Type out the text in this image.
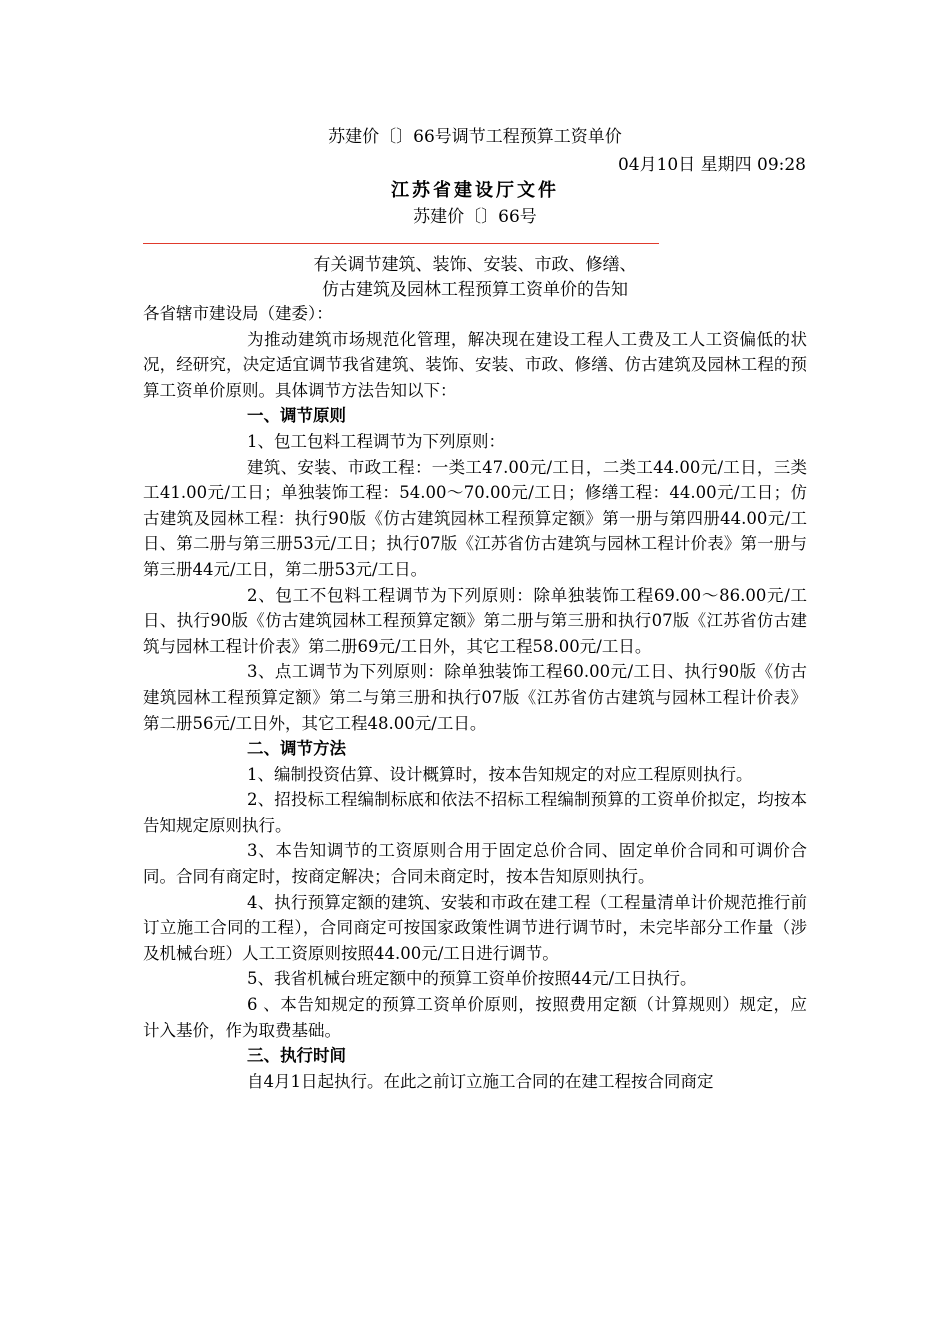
苏建价〔〕66号调节工程预算工资单价
04月10日 星期四 09:28
江苏省建设厅文件
苏建价〔〕66号
有关调节建筑、装饰、安装、市政、修缮、
仿古建筑及园林工程预算工资单价的告知

各省辖市建设局（建委）：

为推动建筑市场规范化管理，解决现在建设工程人工费及工人工资偏低的状况，经研究，决定适宜调节我省建筑、装饰、安装、市政、修缮、仿古建筑及园林工程的预算工资单价原则。具体调节方法告知以下：

一、调节原则

1、包工包料工程调节为下列原则：

建筑、安装、市政工程：一类工47.00元/工日，二类工44.00元/工日，三类工41.00元/工日；单独装饰工程：54.00～70.00元/工日；修缮工程：44.00元/工日；仿古建筑及园林工程：执行90版《仿古建筑园林工程预算定额》第一册与第四册44.00元/工日、第二册与第三册53元/工日；执行07版《江苏省仿古建筑与园林工程计价表》第一册与第三册44元/工日，第二册53元/工日。

2、包工不包料工程调节为下列原则：除单独装饰工程69.00～86.00元/工日、执行90版《仿古建筑园林工程预算定额》第二册与第三册和执行07版《江苏省仿古建筑与园林工程计价表》第二册69元/工日外，其它工程58.00元/工日。

3、点工调节为下列原则：除单独装饰工程60.00元/工日、执行90版《仿古建筑园林工程预算定额》第二与第三册和执行07版《江苏省仿古建筑与园林工程计价表》第二册56元/工日外，其它工程48.00元/工日。

二、调节方法

1、编制投资估算、设计概算时，按本告知规定的对应工程原则执行。

2、招投标工程编制标底和依法不招标工程编制预算的工资单价拟定，均按本告知规定原则执行。

3、本告知调节的工资原则合用于固定总价合同、固定单价合同和可调价合同。合同有商定时，按商定解决；合同未商定时，按本告知原则执行。

4、执行预算定额的建筑、安装和市政在建工程（工程量清单计价规范推行前订立施工合同的工程），合同商定可按国家政策性调节进行调节时，未完毕部分工作量（涉及机械台班）人工工资原则按照44.00元/工日进行调节。

5、我省机械台班定额中的预算工资单价按照44元/工日执行。

6 、本告知规定的预算工资单价原则，按照费用定额（计算规则）规定，应计入基价，作为取费基础。

三、执行时间

自4月1日起执行。在此之前订立施工合同的在建工程按合同商定
